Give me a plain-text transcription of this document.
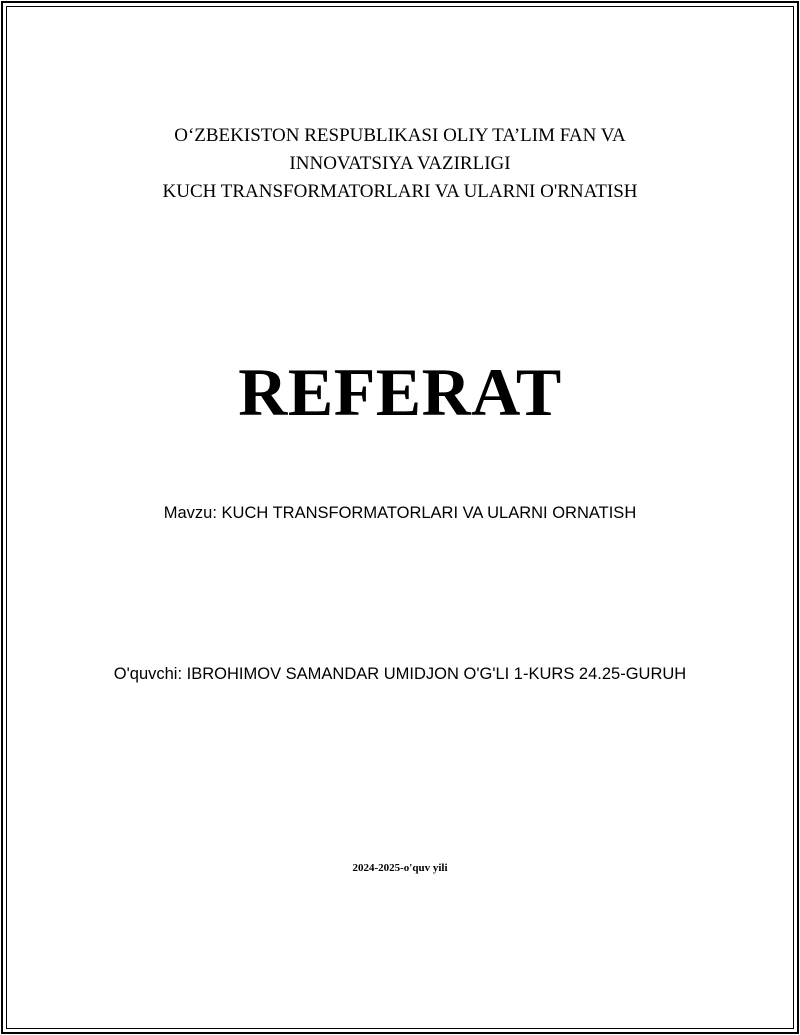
O‘ZBEKISTON RESPUBLIKASI OLIY TA’LIM FAN VA
INNOVATSIYA VAZIRLIGI
KUCH TRANSFORMATORLARI VA ULARNI O'RNATISH
REFERAT
Mavzu: KUCH TRANSFORMATORLARI VA ULARNI ORNATISH
O'quvchi: IBROHIMOV SAMANDAR UMIDJON O'G'LI 1-KURS 24.25-GURUH
2024-2025-o'quv yili
